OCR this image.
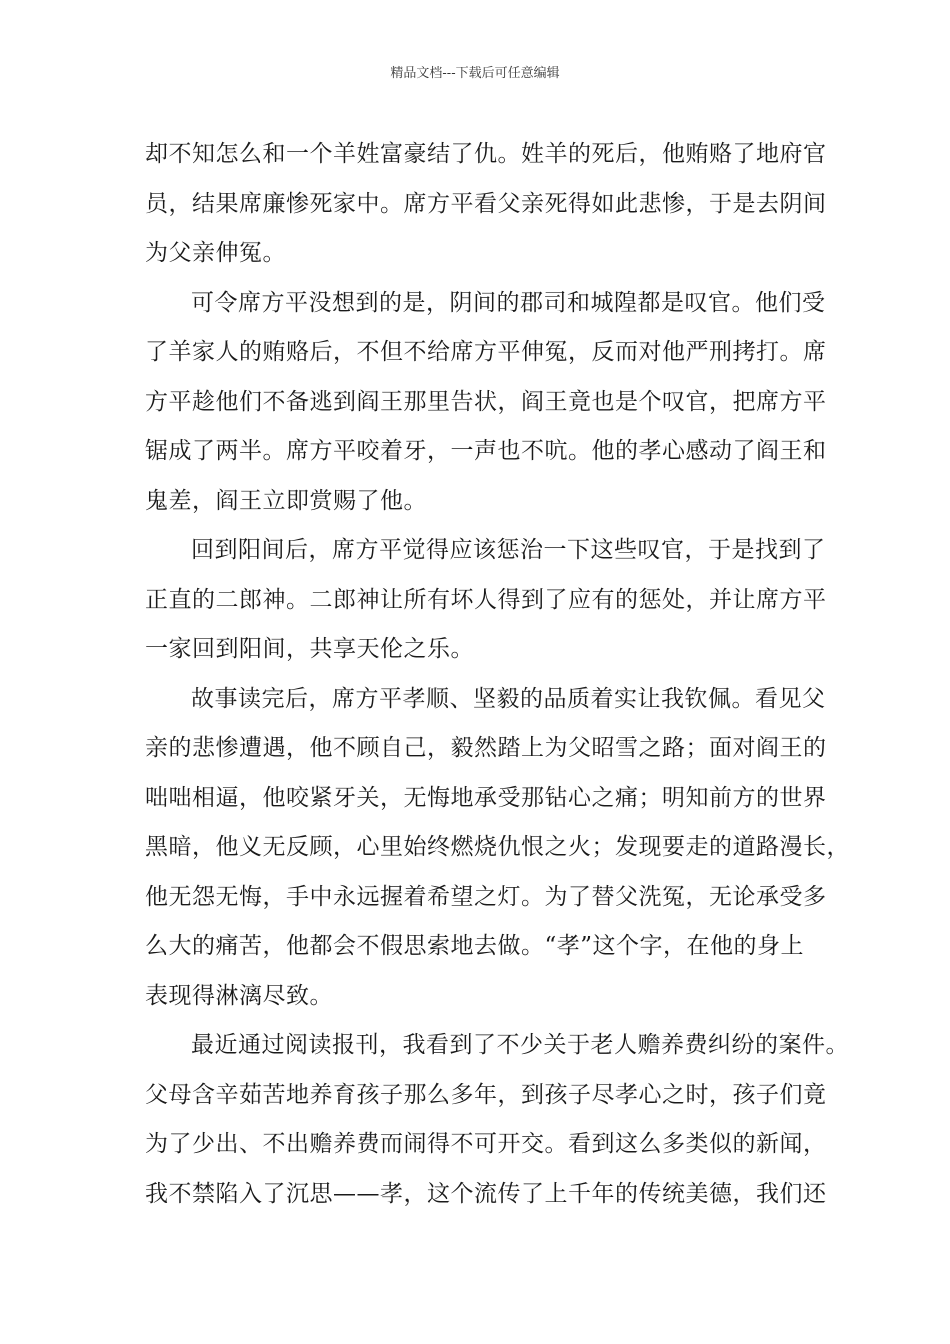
精品文档---下载后可任意编辑
却不知怎么和一个羊姓富豪结了仇。姓羊的死后，他贿赂了地府官
员，结果席廉惨死家中。席方平看父亲死得如此悲惨，于是去阴间
为父亲伸冤。
可令席方平没想到的是，阴间的郡司和城隍都是叹官。他们受
了羊家人的贿赂后，不但不给席方平伸冤，反而对他严刑拷打。席
方平趁他们不备逃到阎王那里告状，阎王竟也是个叹官，把席方平
锯成了两半。席方平咬着牙，一声也不吭。他的孝心感动了阎王和
鬼差，阎王立即赏赐了他。
回到阳间后，席方平觉得应该惩治一下这些叹官，于是找到了
正直的二郎神。二郎神让所有坏人得到了应有的惩处，并让席方平
一家回到阳间，共享天伦之乐。
故事读完后，席方平孝顺、坚毅的品质着实让我钦佩。看见父
亲的悲惨遭遇，他不顾自己，毅然踏上为父昭雪之路；面对阎王的
咄咄相逼，他咬紧牙关，无悔地承受那钻心之痛；明知前方的世界
黑暗，他义无反顾，心里始终燃烧仇恨之火；发现要走的道路漫长，
他无怨无悔，手中永远握着希望之灯。为了替父洗冤，无论承受多
么大的痛苦，他都会不假思索地去做。“孝”这个字，在他的身上
表现得淋漓尽致。
最近通过阅读报刊，我看到了不少关于老人赡养费纠纷的案件。
父母含辛茹苦地养育孩子那么多年，到孩子尽孝心之时，孩子们竟
为了少出、不出赡养费而闹得不可开交。看到这么多类似的新闻，
我不禁陷入了沉思——孝，这个流传了上千年的传统美德，我们还
